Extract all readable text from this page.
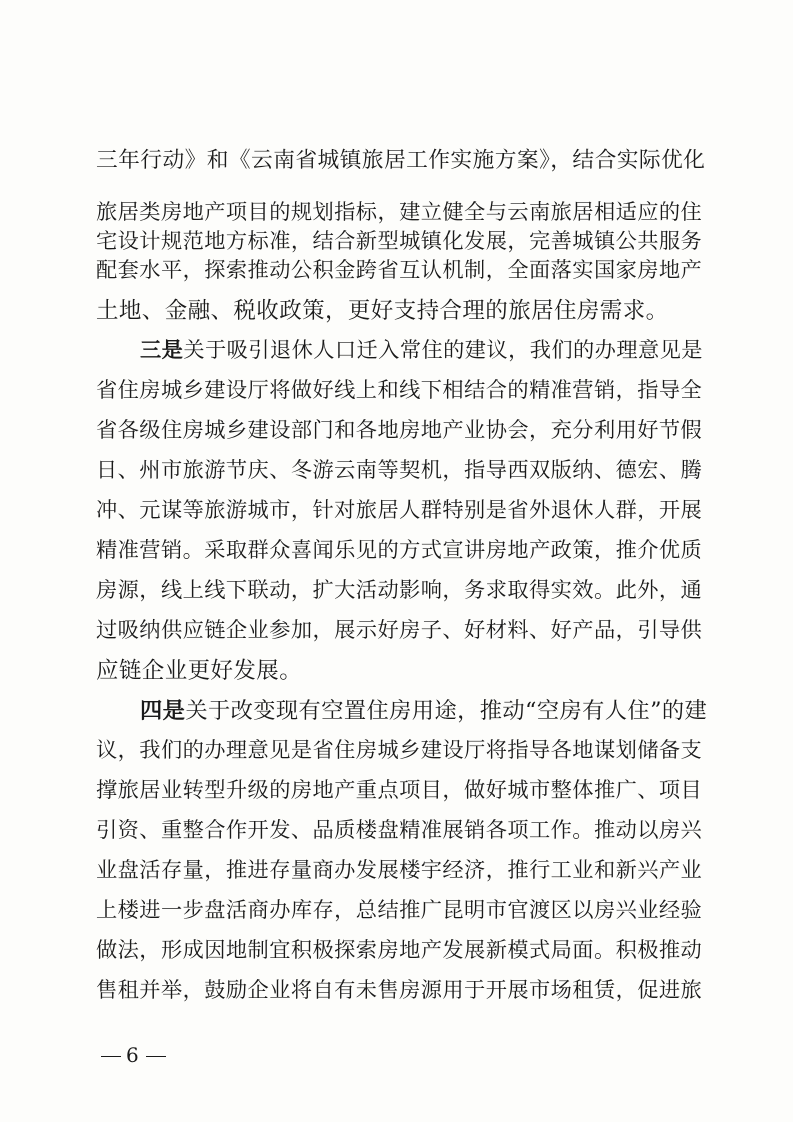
三年行动》和《云南省城镇旅居工作实施方案》，结合实际优化
旅居类房地产项目的规划指标，建立健全与云南旅居相适应的住
宅设计规范地方标准，结合新型城镇化发展，完善城镇公共服务
配套水平，探索推动公积金跨省互认机制，全面落实国家房地产
土地、金融、税收政策，更好支持合理的旅居住房需求。
三是关于吸引退休人口迁入常住的建议，我们的办理意见是
省住房城乡建设厅将做好线上和线下相结合的精准营销，指导全
省各级住房城乡建设部门和各地房地产业协会，充分利用好节假
日、州市旅游节庆、冬游云南等契机，指导西双版纳、德宏、腾
冲、元谋等旅游城市，针对旅居人群特别是省外退休人群，开展
精准营销。采取群众喜闻乐见的方式宣讲房地产政策，推介优质
房源，线上线下联动，扩大活动影响，务求取得实效。此外，通
过吸纳供应链企业参加，展示好房子、好材料、好产品，引导供
应链企业更好发展。
四是关于改变现有空置住房用途，推动“空房有人住”的建
议，我们的办理意见是省住房城乡建设厅将指导各地谋划储备支
撑旅居业转型升级的房地产重点项目，做好城市整体推广、项目
引资、重整合作开发、品质楼盘精准展销各项工作。推动以房兴
业盘活存量，推进存量商办发展楼宇经济，推行工业和新兴产业
上楼进一步盘活商办库存，总结推广昆明市官渡区以房兴业经验
做法，形成因地制宜积极探索房地产发展新模式局面。积极推动
售租并举，鼓励企业将自有未售房源用于开展市场租赁，促进旅
6
